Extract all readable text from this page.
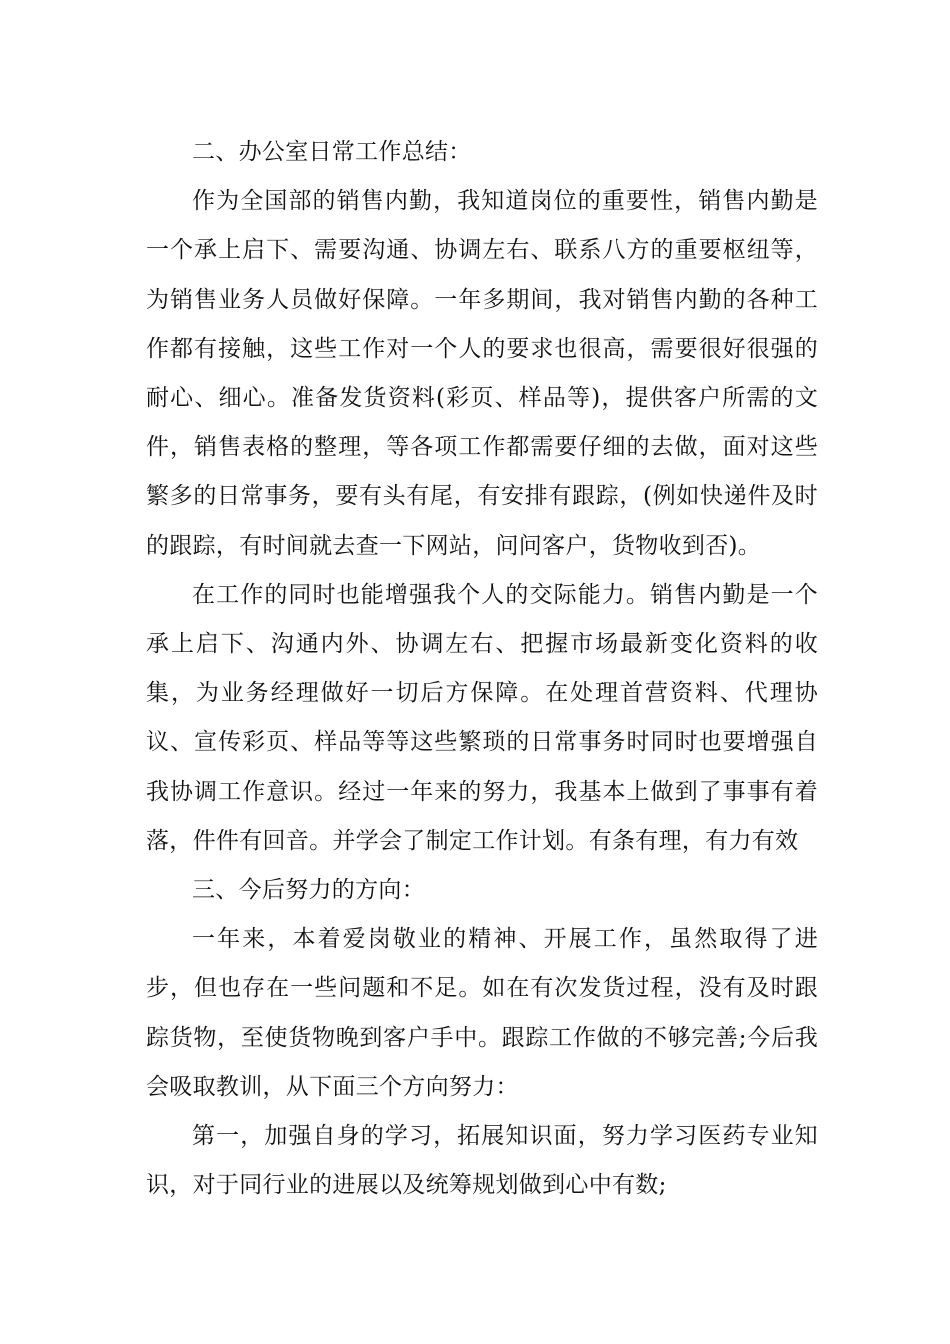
二、办公室日常工作总结：

作为全国部的销售内勤，我知道岗位的重要性，销售内勤是一个承上启下、需要沟通、协调左右、联系八方的重要枢纽等，为销售业务人员做好保障。一年多期间，我对销售内勤的各种工作都有接触，这些工作对一个人的要求也很高，需要很好很强的耐心、细心。准备发货资料(彩页、样品等)，提供客户所需的文件，销售表格的整理，等各项工作都需要仔细的去做，面对这些繁多的日常事务，要有头有尾，有安排有跟踪，(例如快递件及时的跟踪，有时间就去查一下网站，问问客户，货物收到否)。

在工作的同时也能增强我个人的交际能力。销售内勤是一个承上启下、沟通内外、协调左右、把握市场最新变化资料的收集，为业务经理做好一切后方保障。在处理首营资料、代理协议、宣传彩页、样品等等这些繁琐的日常事务时同时也要增强自我协调工作意识。经过一年来的努力，我基本上做到了事事有着落，件件有回音。并学会了制定工作计划。有条有理，有力有效

三、今后努力的方向：

一年来，本着爱岗敬业的精神、开展工作，虽然取得了进步，但也存在一些问题和不足。如在有次发货过程，没有及时跟踪货物，至使货物晚到客户手中。跟踪工作做的不够完善;今后我会吸取教训，从下面三个方向努力：

第一，加强自身的学习，拓展知识面，努力学习医药专业知识，对于同行业的进展以及统筹规划做到心中有数;
